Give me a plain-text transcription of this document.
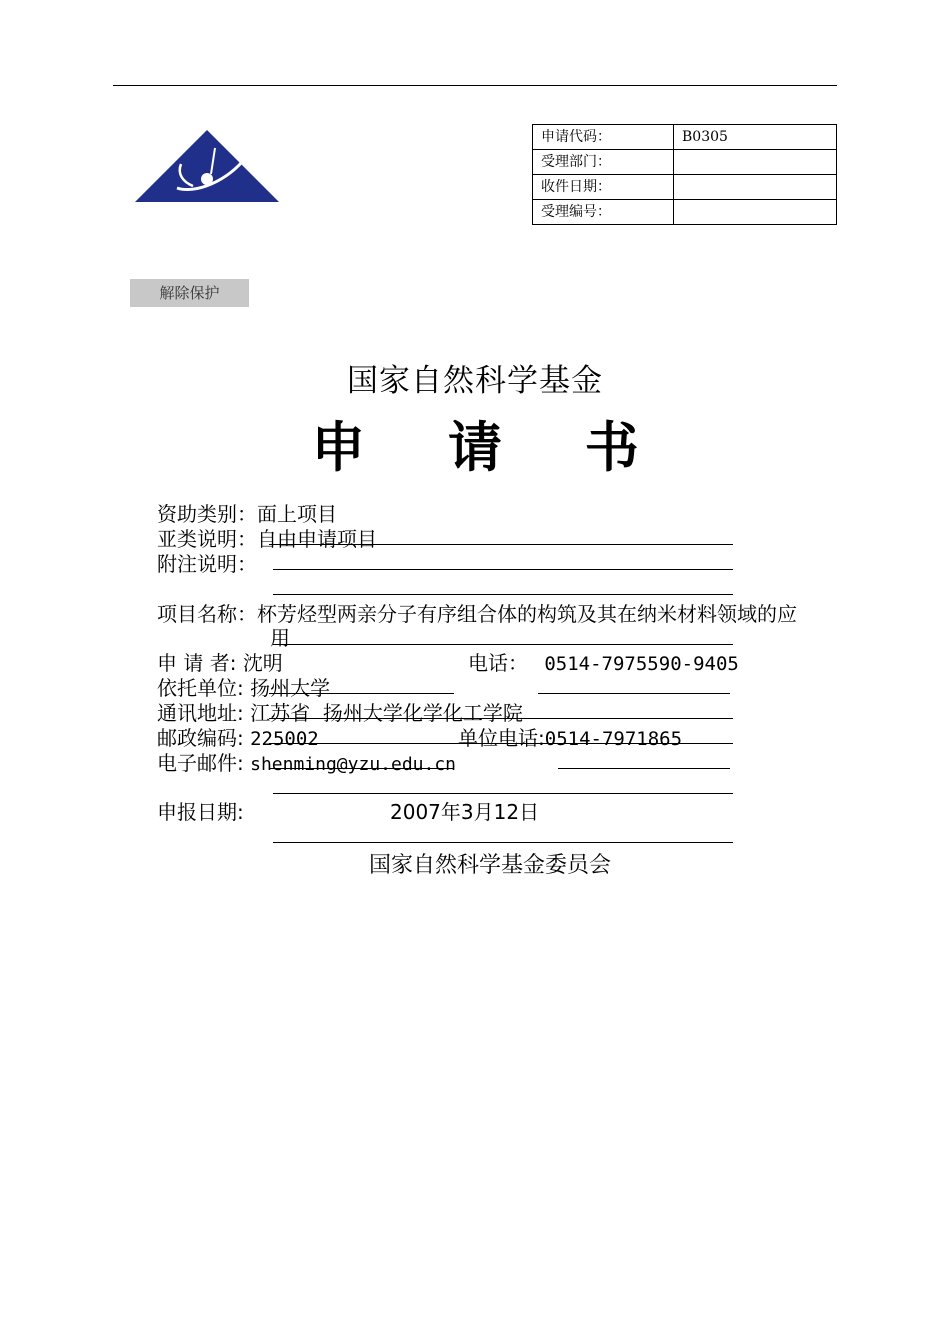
申请代码：	B0305
受理部门：	
收件日期：	
受理编号：	
解除保护
国家自然科学基金
申 请 书
资助类别：面上项目
亚类说明：自由申请项目
附注说明：
项目名称：杯芳烃型两亲分子有序组合体的构筑及其在纳米材料领域的应
用
申 请 者: 沈明	电话： 0514-7975590-9405
依托单位: 扬州大学
通讯地址: 江苏省  扬州大学化学化工学院
邮政编码: 225002	单位电话:0514-7971865
电子邮件: shenming@yzu.edu.cn
申报日期:	2007年3月12日
国家自然科学基金委员会
